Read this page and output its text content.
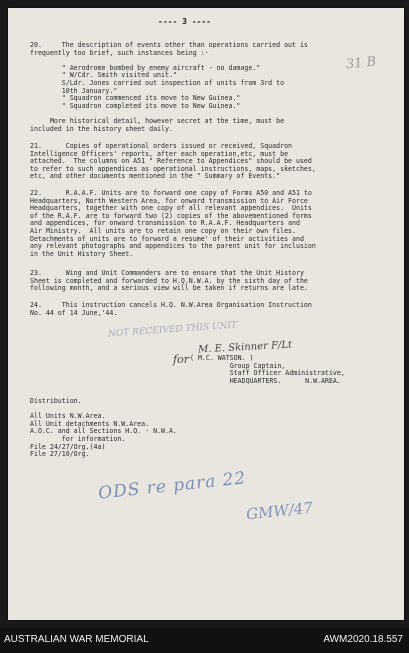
---- 3 ----
31 B
20.     The description of events other than operations carried out is
frequently too brief, such instances being :-

" Aerodrome bombed by enemy aircraft - no damage."
" W/Cdr. Smith visited unit."
S/Ldr. Jones carried out inspection of units from 3rd to
10th January."
" Squadron commenced its move to New Guinea."
" Squadron completed its move to New Guinea."

More historical detail, however secret at the time, must be
included in the history sheet daily.
21.      Copies of operational orders issued or received, Squadron
Intelligence Officers' reports, after each operation,etc, must be
attached.  The columns on A51 " Reference to Appendices" should be used
to refer to such appendices as operational instructions, maps, sketches,
etc, and other documents mentioned in the " Summary of Events."
22.      R.A.A.F. Units are to forward one copy of Forms A50 and A51 to
Headquarters, North Western Area, for onward transmission to Air Force
Headquarters, together with one copy of all relevant appendices.  Units
of the R.A.F. are to forward two (2) copies of the abovementioned forms
and appendices, for onward transmission to R.A.A.F. Headquarters and
Air Ministry.  All units are to retain one copy on their own files.
Detachments of units are to forward a resume' of their activities and
any relevant photographs and appendices to the parent unit for inclusion
in the Unit History Sheet.
23.      Wing and Unit Commanders are to ensure that the Unit History
Sheet is completed and forwarded to H.Q.N.W.A. by the sixth day of the
following month, and a serious view will be taken if returns are late.
24.     This instruction cancels H.Q. N.W.Area Organisation Instruction
No. 44 of 14 June,'44.
NOT RECEIVED THIS UNIT
M. E. Skinner F/Lt
for ( M.C. WATSON. )
Group Captain,
Staff Officer Administrative,
HEADQUARTERS.      N.W.AREA.
Distribution.

All Units N.W.Area.
All Unit detachments N.W.Area.
A.O.C. and all Sections H.Q. - N.W.A.
for information.
File 24/27/Org.(4a)
File 27/10/Org.
ODS re para 22
GMW/47
AUSTRALIAN WAR MEMORIAL	AWM2020.18.557
